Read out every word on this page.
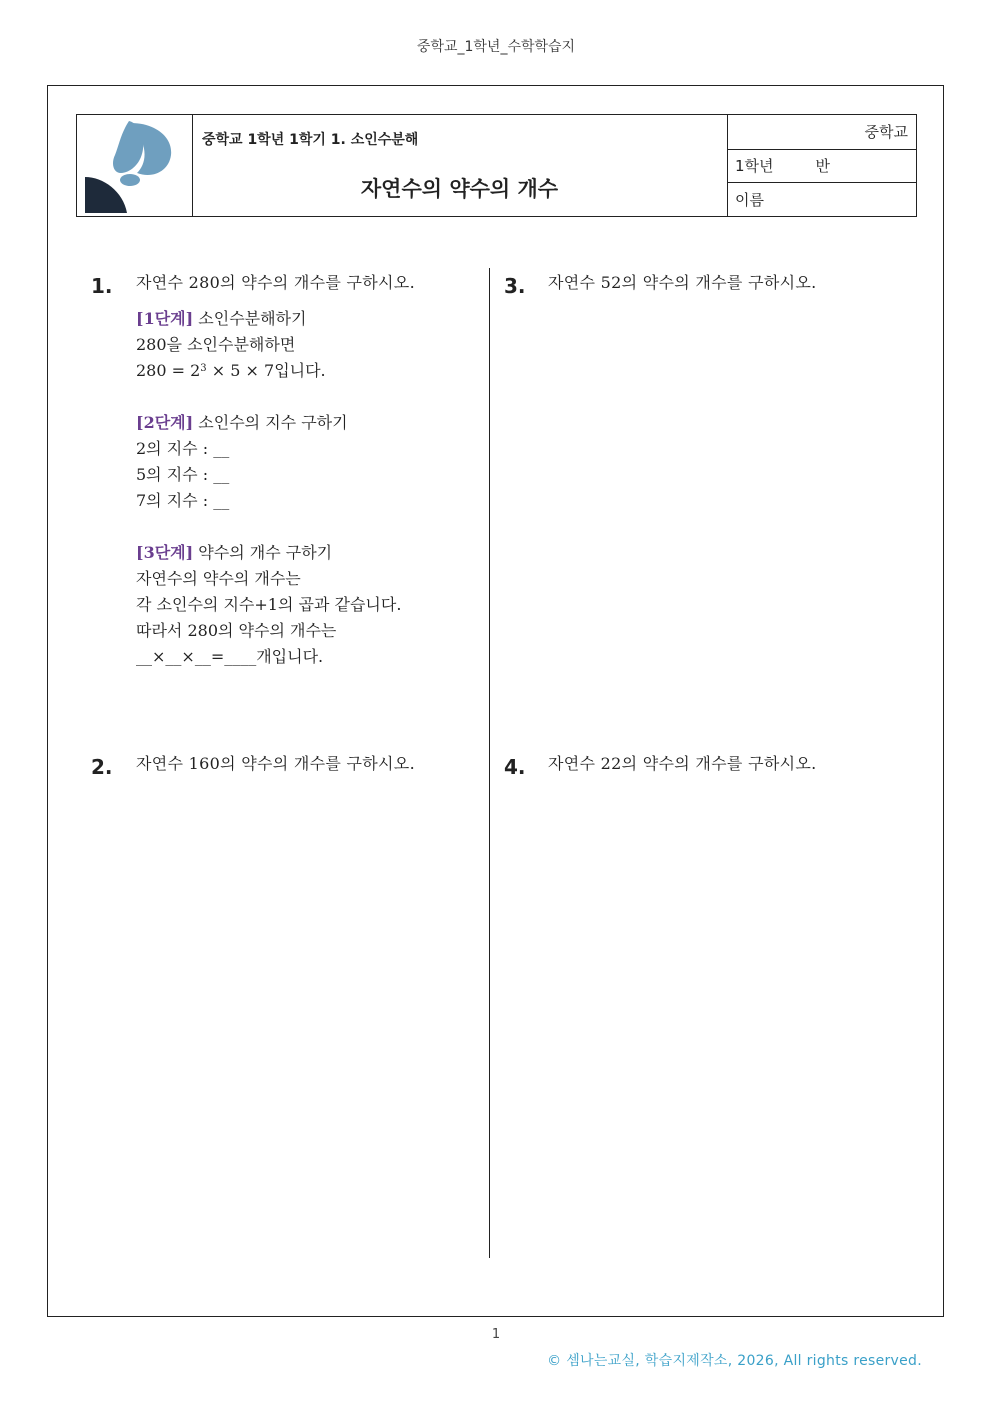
중학교_1학년_수학학습지
중학교 1학년 1학기 1. 소인수분해
자연수의 약수의 개수
중학교
1학년	반
이름
1. 자연수 280의 약수의 개수를 구하시오.
[1단계] 소인수분해하기
280을 소인수분해하면
$280 = 2^3 \times 5 \times 7$입니다.
[2단계] 소인수의 지수 구하기
2의 지수 : __
5의 지수 : __
7의 지수 : __
[3단계] 약수의 개수 구하기
자연수의 약수의 개수는
각 소인수의 지수+1의 곱과 같습니다.
따라서 280의 약수의 개수는
__×__×__=____개입니다.
2. 자연수 160의 약수의 개수를 구하시오.
3. 자연수 52의 약수의 개수를 구하시오.
4. 자연수 22의 약수의 개수를 구하시오.
1
© 셈나는교실, 학습지제작소, 2026, All rights reserved.
